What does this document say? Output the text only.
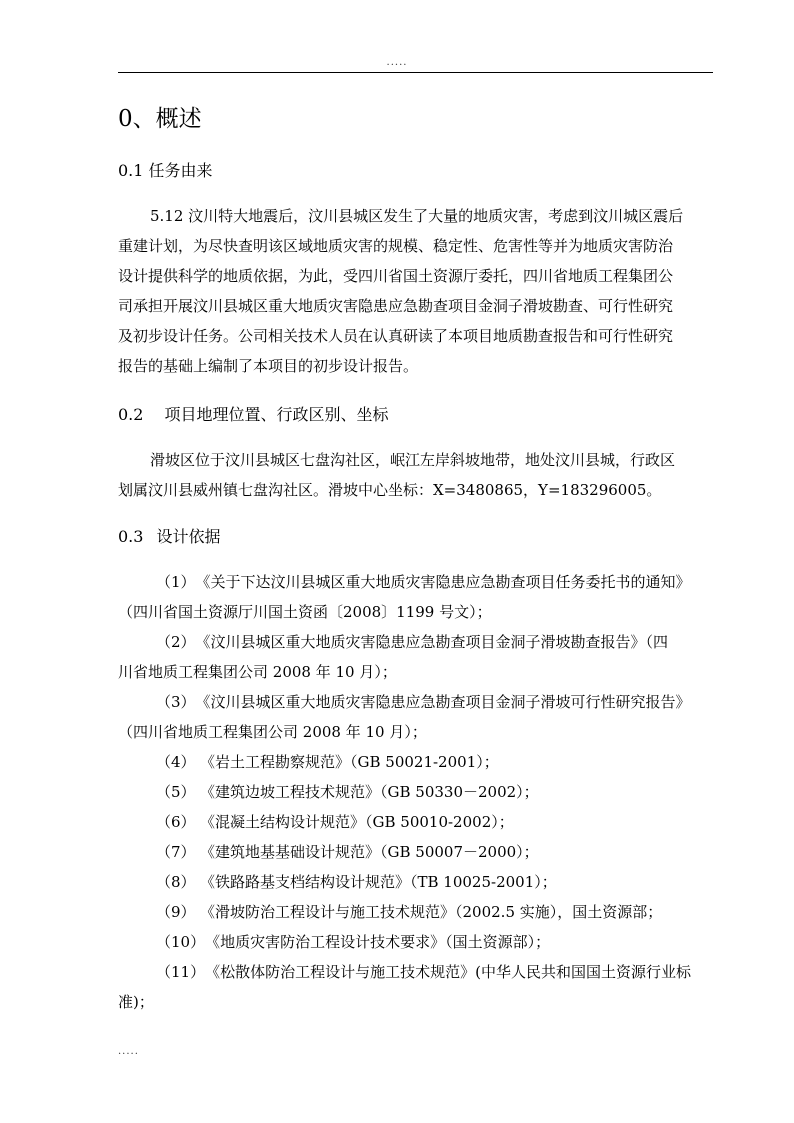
.....
0、概述
0.1 任务由来
5.12 汶川特大地震后，汶川县城区发生了大量的地质灾害，考虑到汶川城区震后
重建计划，为尽快查明该区域地质灾害的规模、稳定性、危害性等并为地质灾害防治
设计提供科学的地质依据，为此，受四川省国土资源厅委托，四川省地质工程集团公
司承担开展汶川县城区重大地质灾害隐患应急勘查项目金洞子滑坡勘查、可行性研究
及初步设计任务。公司相关技术人员在认真研读了本项目地质勘查报告和可行性研究
报告的基础上编制了本项目的初步设计报告。
0.2 项目地理位置、行政区别、坐标
滑坡区位于汶川县城区七盘沟社区，岷江左岸斜坡地带，地处汶川县城，行政区
划属汶川县威州镇七盘沟社区。滑坡中心坐标：X=3480865，Y=183296005。
0.3 设计依据
（1）《关于下达汶川县城区重大地质灾害隐患应急勘查项目任务委托书的通知》
（四川省国土资源厅川国土资函〔2008〕1199 号文）；
（2）《汶川县城区重大地质灾害隐患应急勘查项目金洞子滑坡勘查报告》（四
川省地质工程集团公司 2008 年 10 月）；
（3）《汶川县城区重大地质灾害隐患应急勘查项目金洞子滑坡可行性研究报告》
（四川省地质工程集团公司 2008 年 10 月）；
（4） 《岩土工程勘察规范》（GB 50021-2001）；
（5） 《建筑边坡工程技术规范》（GB 50330－2002）；
（6） 《混凝土结构设计规范》（GB 50010-2002）；
（7） 《建筑地基基础设计规范》（GB 50007－2000）；
（8） 《铁路路基支档结构设计规范》（TB 10025-2001）；
（9） 《滑坡防治工程设计与施工技术规范》（2002.5 实施），国土资源部；
（10）《地质灾害防治工程设计技术要求》（国土资源部）；
（11）《松散体防治工程设计与施工技术规范》(中华人民共和国国土资源行业标
准)；
.....
